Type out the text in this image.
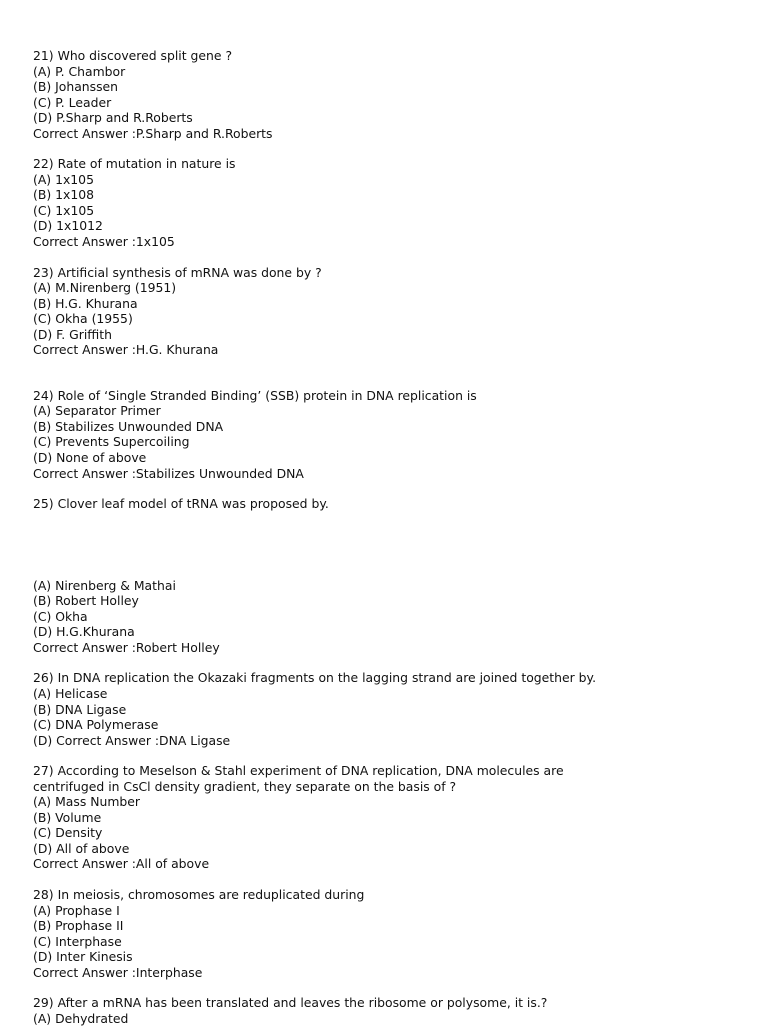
21) Who discovered split gene ?
(A) P. Chambor
(B) Johanssen
(C) P. Leader
(D) P.Sharp and R.Roberts
Correct Answer :P.Sharp and R.Roberts
22) Rate of mutation in nature is
(A) 1x105
(B) 1x108
(C) 1x105
(D) 1x1012
Correct Answer :1x105
23) Artificial synthesis of mRNA was done by ?
(A) M.Nirenberg (1951)
(B) H.G. Khurana
(C) Okha (1955)
(D) F. Griffith
Correct Answer :H.G. Khurana
24) Role of ‘Single Stranded Binding’ (SSB) protein in DNA replication is
(A) Separator Primer
(B) Stabilizes Unwounded DNA
(C) Prevents Supercoiling
(D) None of above
Correct Answer :Stabilizes Unwounded DNA
25) Clover leaf model of tRNA was proposed by.
(A) Nirenberg & Mathai
(B) Robert Holley
(C) Okha
(D) H.G.Khurana
Correct Answer :Robert Holley
26) In DNA replication the Okazaki fragments on the lagging strand are joined together by.
(A) Helicase
(B) DNA Ligase
(C) DNA Polymerase
(D) Correct Answer :DNA Ligase
27) According to Meselson & Stahl experiment of DNA replication, DNA molecules are
centrifuged in CsCl density gradient, they separate on the basis of ?
(A) Mass Number
(B) Volume
(C) Density
(D) All of above
Correct Answer :All of above
28) In meiosis, chromosomes are reduplicated during
(A) Prophase I
(B) Prophase II
(C) Interphase
(D) Inter Kinesis
Correct Answer :Interphase
29) After a mRNA has been translated and leaves the ribosome or polysome, it is.?
(A) Dehydrated
